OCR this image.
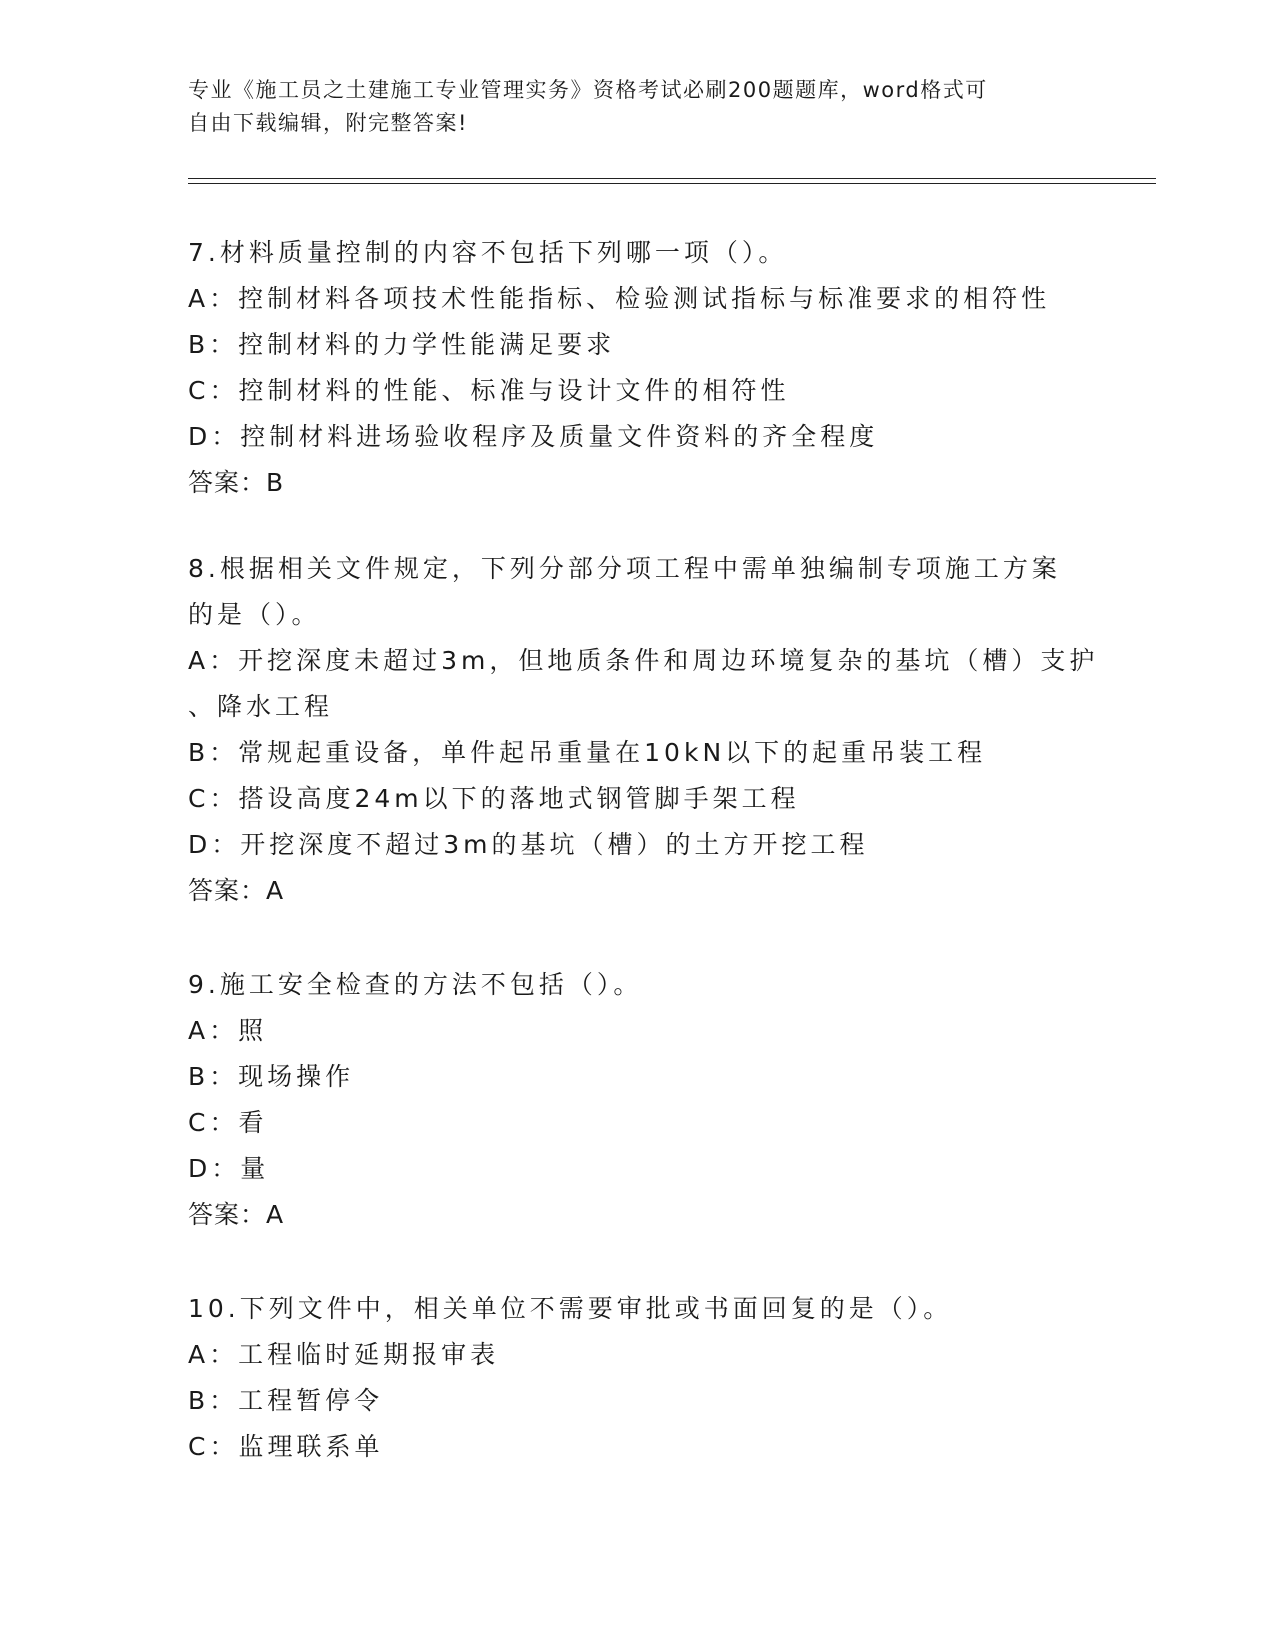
专业《施工员之土建施工专业管理实务》资格考试必刷200题题库，word格式可
自由下载编辑，附完整答案!
7.材料质量控制的内容不包括下列哪一项（）。
A：控制材料各项技术性能指标、检验测试指标与标准要求的相符性
B：控制材料的力学性能满足要求
C：控制材料的性能、标准与设计文件的相符性
D：控制材料进场验收程序及质量文件资料的齐全程度
答案：B
8.根据相关文件规定，下列分部分项工程中需单独编制专项施工方案
的是（）。
A：开挖深度未超过3m，但地质条件和周边环境复杂的基坑（槽）支护
、降水工程
B：常规起重设备，单件起吊重量在10kN以下的起重吊装工程
C：搭设高度24m以下的落地式钢管脚手架工程
D：开挖深度不超过3m的基坑（槽）的土方开挖工程
答案：A
9.施工安全检查的方法不包括（）。
A：照
B：现场操作
C：看
D：量
答案：A
10.下列文件中，相关单位不需要审批或书面回复的是（）。
A：工程临时延期报审表
B：工程暂停令
C：监理联系单
